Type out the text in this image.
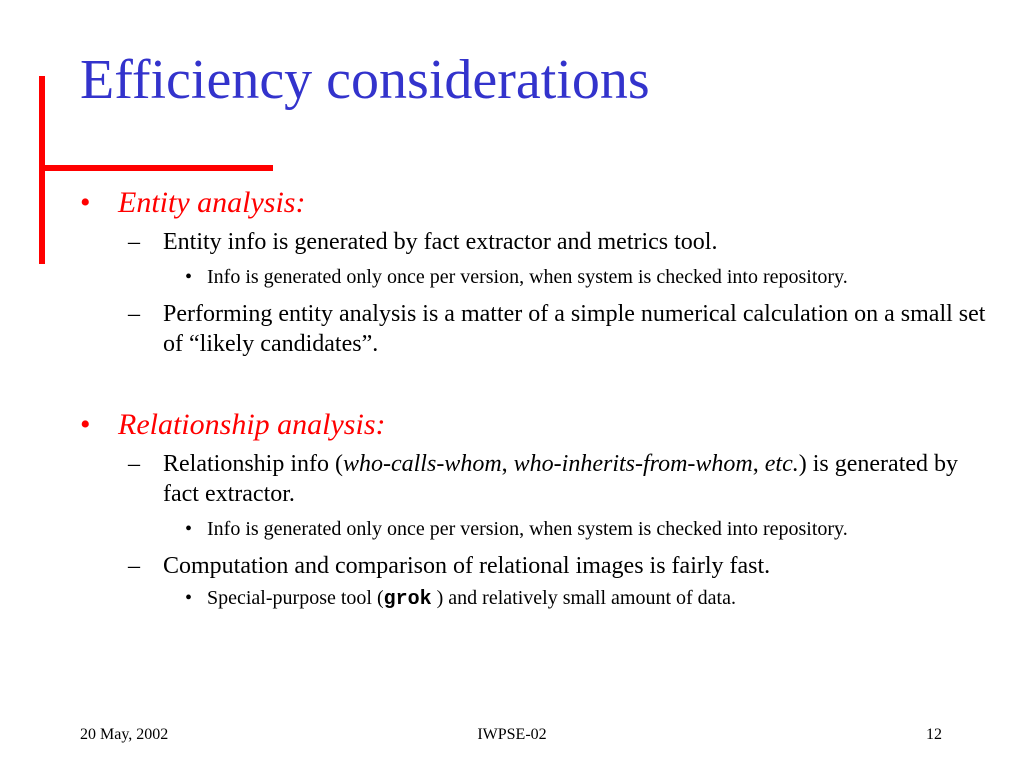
Efficiency considerations
• Entity analysis:
– Entity info is generated by fact extractor and metrics tool.
• Info is generated only once per version, when system is checked into repository.
– Performing entity analysis is a matter of a simple numerical calculation on a small set of “likely candidates”.
• Relationship analysis:
– Relationship info (who-calls-whom, who-inherits-from-whom, etc.) is generated by fact extractor.
• Info is generated only once per version, when system is checked into repository.
– Computation and comparison of relational images is fairly fast.
• Special-purpose tool (grok ) and relatively small amount of data.
20 May, 2002	IWPSE-02	12
